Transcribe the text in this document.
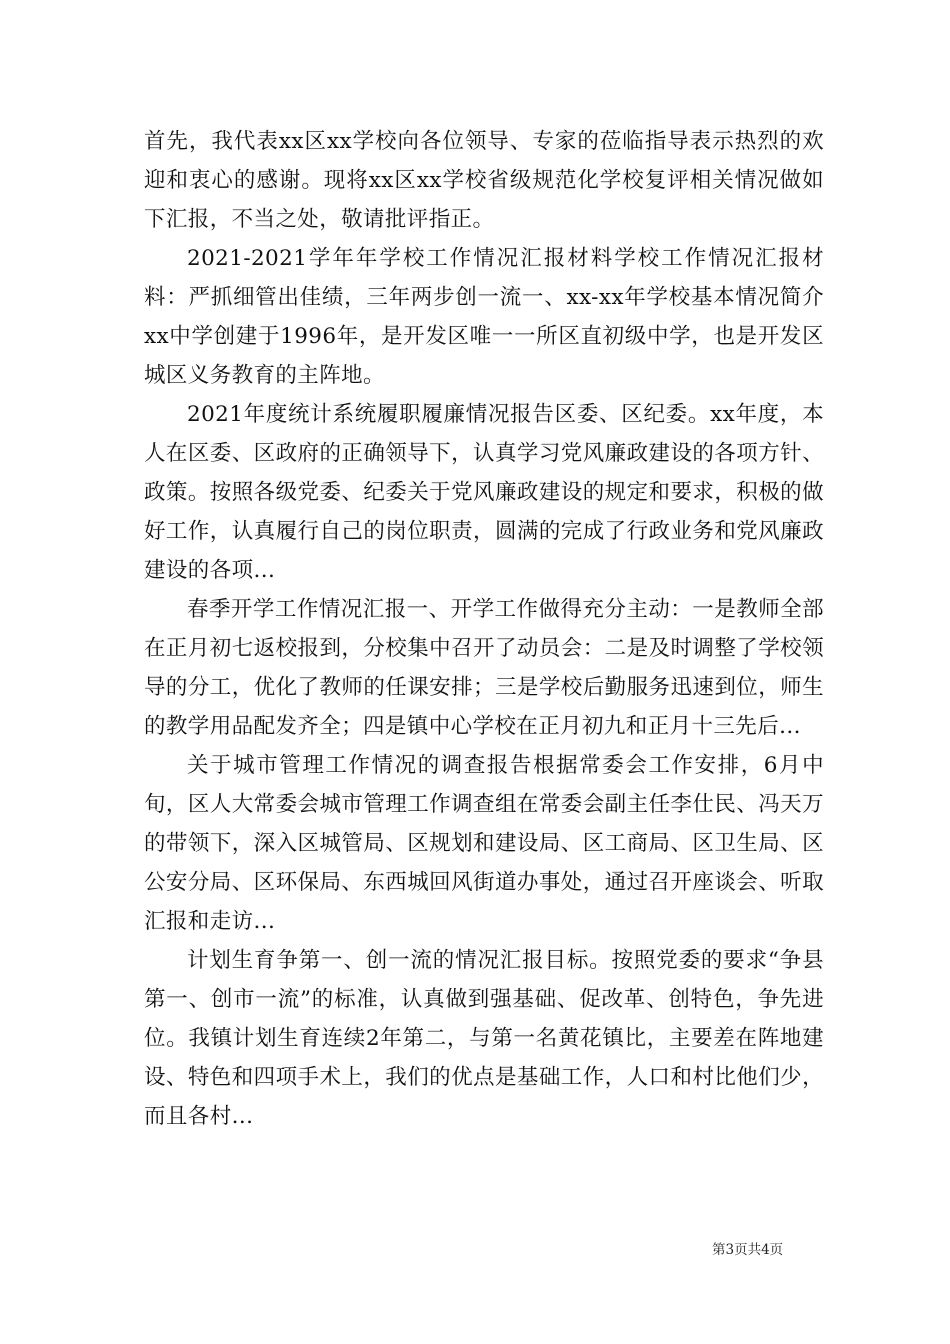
首先，我代表xx区xx学校向各位领导、专家的莅临指导表示热烈的欢迎和衷心的感谢。现将xx区xx学校省级规范化学校复评相关情况做如下汇报，不当之处，敬请批评指正。

2021-2021学年年学校工作情况汇报材料学校工作情况汇报材料：严抓细管出佳绩，三年两步创一流一、xx-xx年学校基本情况简介xx中学创建于1996年，是开发区唯一一所区直初级中学，也是开发区城区义务教育的主阵地。

2021年度统计系统履职履廉情况报告区委、区纪委。xx年度，本人在区委、区政府的正确领导下，认真学习党风廉政建设的各项方针、政策。按照各级党委、纪委关于党风廉政建设的规定和要求，积极的做好工作，认真履行自己的岗位职责，圆满的完成了行政业务和党风廉政建设的各项...

春季开学工作情况汇报一、开学工作做得充分主动：一是教师全部在正月初七返校报到，分校集中召开了动员会：二是及时调整了学校领导的分工，优化了教师的任课安排；三是学校后勤服务迅速到位，师生的教学用品配发齐全；四是镇中心学校在正月初九和正月十三先后...

关于城市管理工作情况的调查报告根据常委会工作安排，6月中旬，区人大常委会城市管理工作调查组在常委会副主任李仕民、冯天万的带领下，深入区城管局、区规划和建设局、区工商局、区卫生局、区公安分局、区环保局、东西城回风街道办事处，通过召开座谈会、听取汇报和走访...

计划生育争第一、创一流的情况汇报目标。按照党委的要求“争县第一、创市一流”的标准，认真做到强基础、促改革、创特色，争先进位。我镇计划生育连续2年第二，与第一名黄花镇比，主要差在阵地建设、特色和四项手术上，我们的优点是基础工作，人口和村比他们少，而且各村...

第3页共4页
